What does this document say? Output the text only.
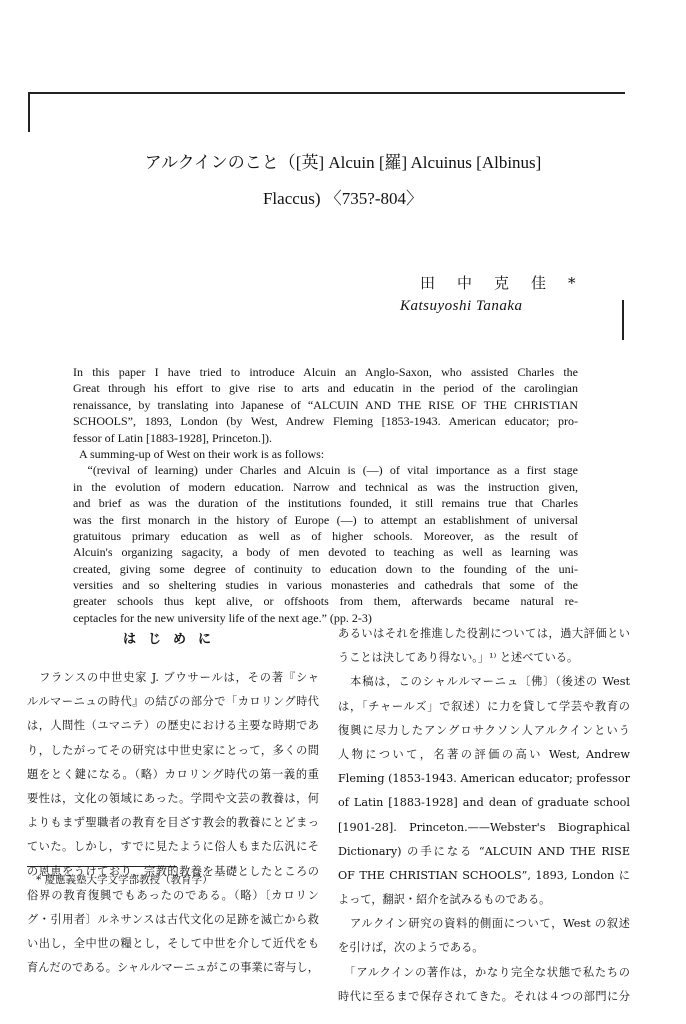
アルクインのこと（[英] Alcuin [羅] Alcuinus [Albinus]
Flaccus) 〈735?-804〉
田中克佳*
Katsuyoshi Tanaka
In this paper I have tried to introduce Alcuin an Anglo-Saxon, who assisted Charles the
Great through his effort to give rise to arts and educatin in the period of the carolingian
renaissance, by translating into Japanese of “ALCUIN AND THE RISE OF THE CHRISTIAN
SCHOOLS”, 1893, London (by West, Andrew Fleming [1853-1943. American educator; pro-
fessor of Latin [1883-1928], Princeton.]).
A summing-up of West on their work is as follows:
“(revival of learning) under Charles and Alcuin is (—) of vital importance as a first stage
in the evolution of modern education. Narrow and technical as was the instruction given,
and brief as was the duration of the institutions founded, it still remains true that Charles
was the first monarch in the history of Europe (—) to attempt an establishment of universal
gratuitous primary education as well as of higher schools. Moreover, as the result of
Alcuin's organizing sagacity, a body of men devoted to teaching as well as learning was
created, giving some degree of continuity to education down to the founding of the uni-
versities and so sheltering studies in various monasteries and cathedrals that some of the
greater schools thus kept alive, or offshoots from them, afterwards became natural re-
ceptacles for the new university life of the next age.” (pp. 2-3)
はじめに
　フランスの中世史家 J. ブウサールは，その著『シャ
ルルマーニュの時代』の結びの部分で「カロリング時代
は，人間性（ユマニテ）の歴史における主要な時期であ
り，したがってその研究は中世史家にとって，多くの問
題をとく鍵になる。（略）カロリング時代の第一義的重
要性は，文化の領域にあった。学問や文芸の教養は，何
よりもまず聖職者の教育を目ざす教会的教養にとどまっ
ていた。しかし，すでに見たように俗人もまた広汎にそ
の恩恵をうけており，宗教的教養を基礎としたところの
俗界の教育復興でもあったのである。（略）〔カロリン
グ・引用者〕ルネサンスは古代文化の足跡を滅亡から救
い出し，全中世の糧とし，そして中世を介して近代をも
育んだのである。シャルルマーニュがこの事業に寄与し，
あるいはそれを推進した役割については，過大評価とい
うことは決してあり得ない。」¹⁾ と述べている。
　本稿は，このシャルルマーニュ〔佛〕（後述の West
は，「チャールズ」で叙述）に力を貸して学芸や教育の
復興に尽力したアングロサクソン人アルクインという
人物について，名著の評価の高い West, Andrew
Fleming (1853-1943. American educator; professor
of Latin [1883-1928] and dean of graduate school
[1901-28]. Princeton.——Webster's Biographical
Dictionary) の手になる “ALCUIN AND THE RISE
OF THE CHRISTIAN SCHOOLS”, 1893, London に
よって，翻訳・紹介を試みるものである。
　アルクイン研究の資料的側面について，West の叙述
を引けば，次のようである。
　「アルクインの著作は，かなり完全な状態で私たちの
時代に至るまで保存されてきた。それは４つの部門に分
* 慶應義塾大学文学部教授（教育学）
